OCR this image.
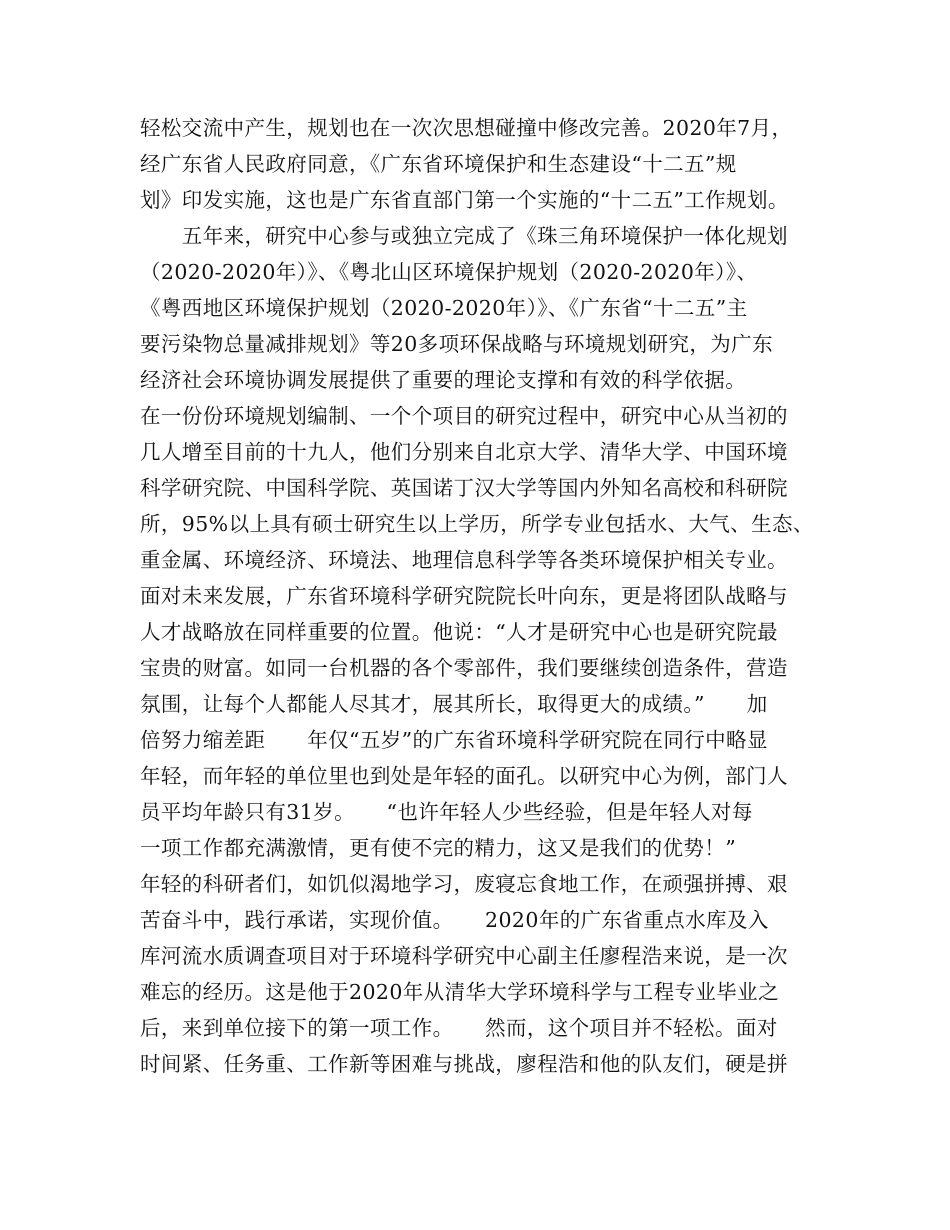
轻松交流中产生，规划也在一次次思想碰撞中修改完善。2020年7月，
经广东省人民政府同意，《广东省环境保护和生态建设“十二五”规
划》印发实施，这也是广东省直部门第一个实施的“十二五”工作规划。
　　五年来，研究中心参与或独立完成了《珠三角环境保护一体化规划
（2020-2020年）》、《粤北山区环境保护规划（2020-2020年）》、
《粤西地区环境保护规划（2020-2020年）》、《广东省“十二五”主
要污染物总量减排规划》等20多项环保战略与环境规划研究，为广东
经济社会环境协调发展提供了重要的理论支撑和有效的科学依据。
在一份份环境规划编制、一个个项目的研究过程中，研究中心从当初的
几人增至目前的十九人，他们分别来自北京大学、清华大学、中国环境
科学研究院、中国科学院、英国诺丁汉大学等国内外知名高校和科研院
所，95%以上具有硕士研究生以上学历，所学专业包括水、大气、生态、
重金属、环境经济、环境法、地理信息科学等各类环境保护相关专业。
面对未来发展，广东省环境科学研究院院长叶向东，更是将团队战略与
人才战略放在同样重要的位置。他说：“人才是研究中心也是研究院最
宝贵的财富。如同一台机器的各个零部件，我们要继续创造条件，营造
氛围，让每个人都能人尽其才，展其所长，取得更大的成绩。”　　加
倍努力缩差距　　年仅“五岁”的广东省环境科学研究院在同行中略显
年轻，而年轻的单位里也到处是年轻的面孔。以研究中心为例，部门人
员平均年龄只有31岁。　　“也许年轻人少些经验，但是年轻人对每
一项工作都充满激情，更有使不完的精力，这又是我们的优势！”
年轻的科研者们，如饥似渴地学习，废寝忘食地工作，在顽强拼搏、艰
苦奋斗中，践行承诺，实现价值。　　2020年的广东省重点水库及入
库河流水质调查项目对于环境科学研究中心副主任廖程浩来说，是一次
难忘的经历。这是他于2020年从清华大学环境科学与工程专业毕业之
后，来到单位接下的第一项工作。　　然而，这个项目并不轻松。面对
时间紧、任务重、工作新等困难与挑战，廖程浩和他的队友们，硬是拼
